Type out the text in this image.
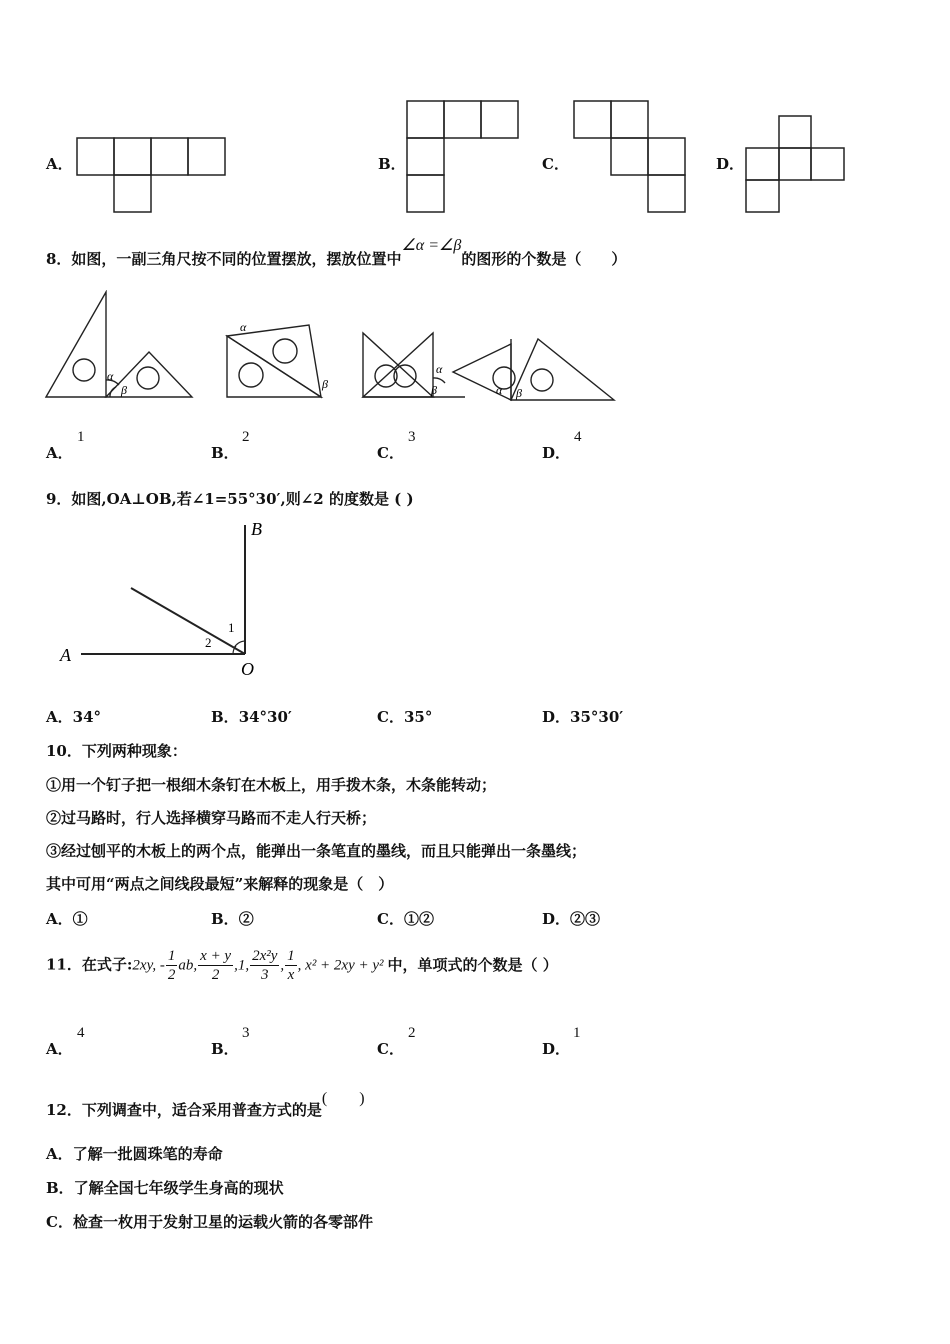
A．	B．	C．	D．
8．如图，一副三角尺按不同的位置摆放，摆放位置中∠α =∠β的图形的个数是（　　）
α
β
α
β
α
β	α β
A．
1
B．
2
C．
3
D．
4
9．如图,OA⊥OB,若∠1=55°30′,则∠2 的度数是 ( )
A
B
O
1
2
A．34°	B．34°30′	C．35°	D．35°30′
10．下列两种现象：
①用一个钉子把一根细木条钉在木板上，用手拨木条，木条能转动；
②过马路时，行人选择横穿马路而不走人行天桥；
③经过刨平的木板上的两个点，能弹出一条笔直的墨线，而且只能弹出一条墨线；
其中可用“两点之间线段最短”来解释的现象是（　）
A．①	B．②	C．①②	D．②③
11．在式子:2xy, - $\frac{1}{2}$ ab, $\frac{x + y}{2} ,1$, $\frac{\text{2x²y}}{3}$ , $\frac{1}{x}$ , x² + 2xy + y² 中，单项式的个数是（ ）
A．
4
B．
3
C．
2
D．
1
12．下列调查中，适合采用普查方式的是(　　)
A．了解一批圆珠笔的寿命
B．了解全国七年级学生身高的现状
C．检查一枚用于发射卫星的运载火箭的各零部件
